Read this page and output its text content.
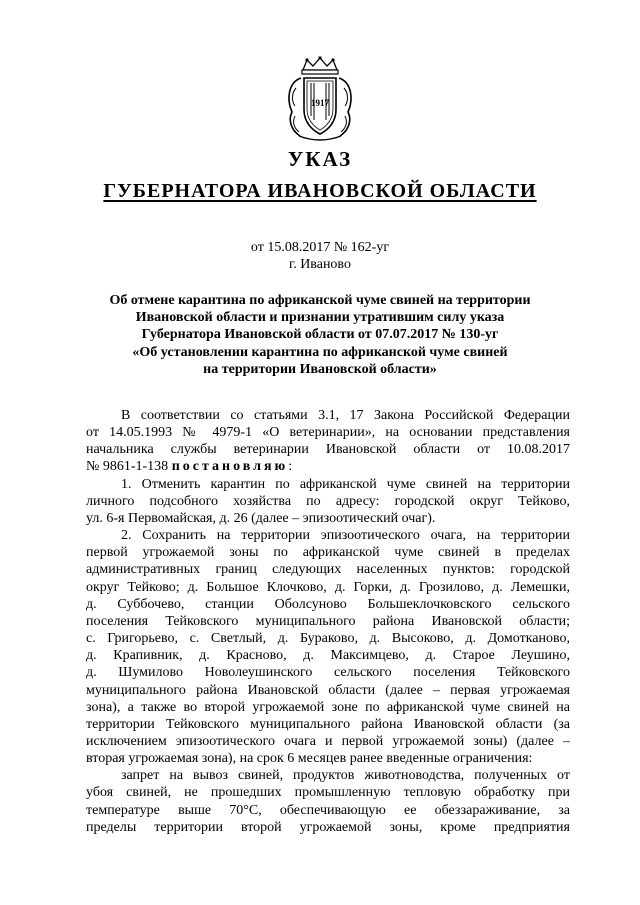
1917
УКАЗ
ГУБЕРНАТОРА ИВАНОВСКОЙ ОБЛАСТИ
от 15.08.2017 № 162-уг
г. Иваново
Об отмене карантина по африканской чуме свиней на территории
Ивановской области и признании утратившим силу указа
Губернатора Ивановской области от 07.07.2017 № 130-уг
«Об установлении карантина по африканской чуме свиней
на территории Ивановской области»
В соответствии со статьями 3.1, 17 Закона Российской Федерации
от 14.05.1993 № 4979-1 «О ветеринарии», на основании представления
начальника службы ветеринарии Ивановской области от 10.08.2017
№ 9861-1-138 постановляю:
1. Отменить карантин по африканской чуме свиней на территории
личного подсобного хозяйства по адресу: городской округ Тейково,
ул. 6-я Первомайская, д. 26 (далее – эпизоотический очаг).
2. Сохранить на территории эпизоотического очага, на территории
первой угрожаемой зоны по африканской чуме свиней в пределах
административных границ следующих населенных пунктов: городской
округ Тейково; д. Большое Клочково, д. Горки, д. Грозилово, д. Лемешки,
д. Суббочево, станции Оболсуново Большеклочковского сельского
поселения Тейковского муниципального района Ивановской области;
с. Григорьево, с. Светлый, д. Бураково, д. Высоково, д. Домотканово,
д. Крапивник, д. Красново, д. Максимцево, д. Старое Леушино,
д. Шумилово Новолеушинского сельского поселения Тейковского
муниципального района Ивановской области (далее – первая угрожаемая
зона), а также во второй угрожаемой зоне по африканской чуме свиней на
территории Тейковского муниципального района Ивановской области (за
исключением эпизоотического очага и первой угрожаемой зоны) (далее –
вторая угрожаемая зона), на срок 6 месяцев ранее введенные ограничения:
запрет на вывоз свиней, продуктов животноводства, полученных от
убоя свиней, не прошедших промышленную тепловую обработку при
температуре выше 70°С, обеспечивающую ее обеззараживание, за
пределы территории второй угрожаемой зоны, кроме предприятия
